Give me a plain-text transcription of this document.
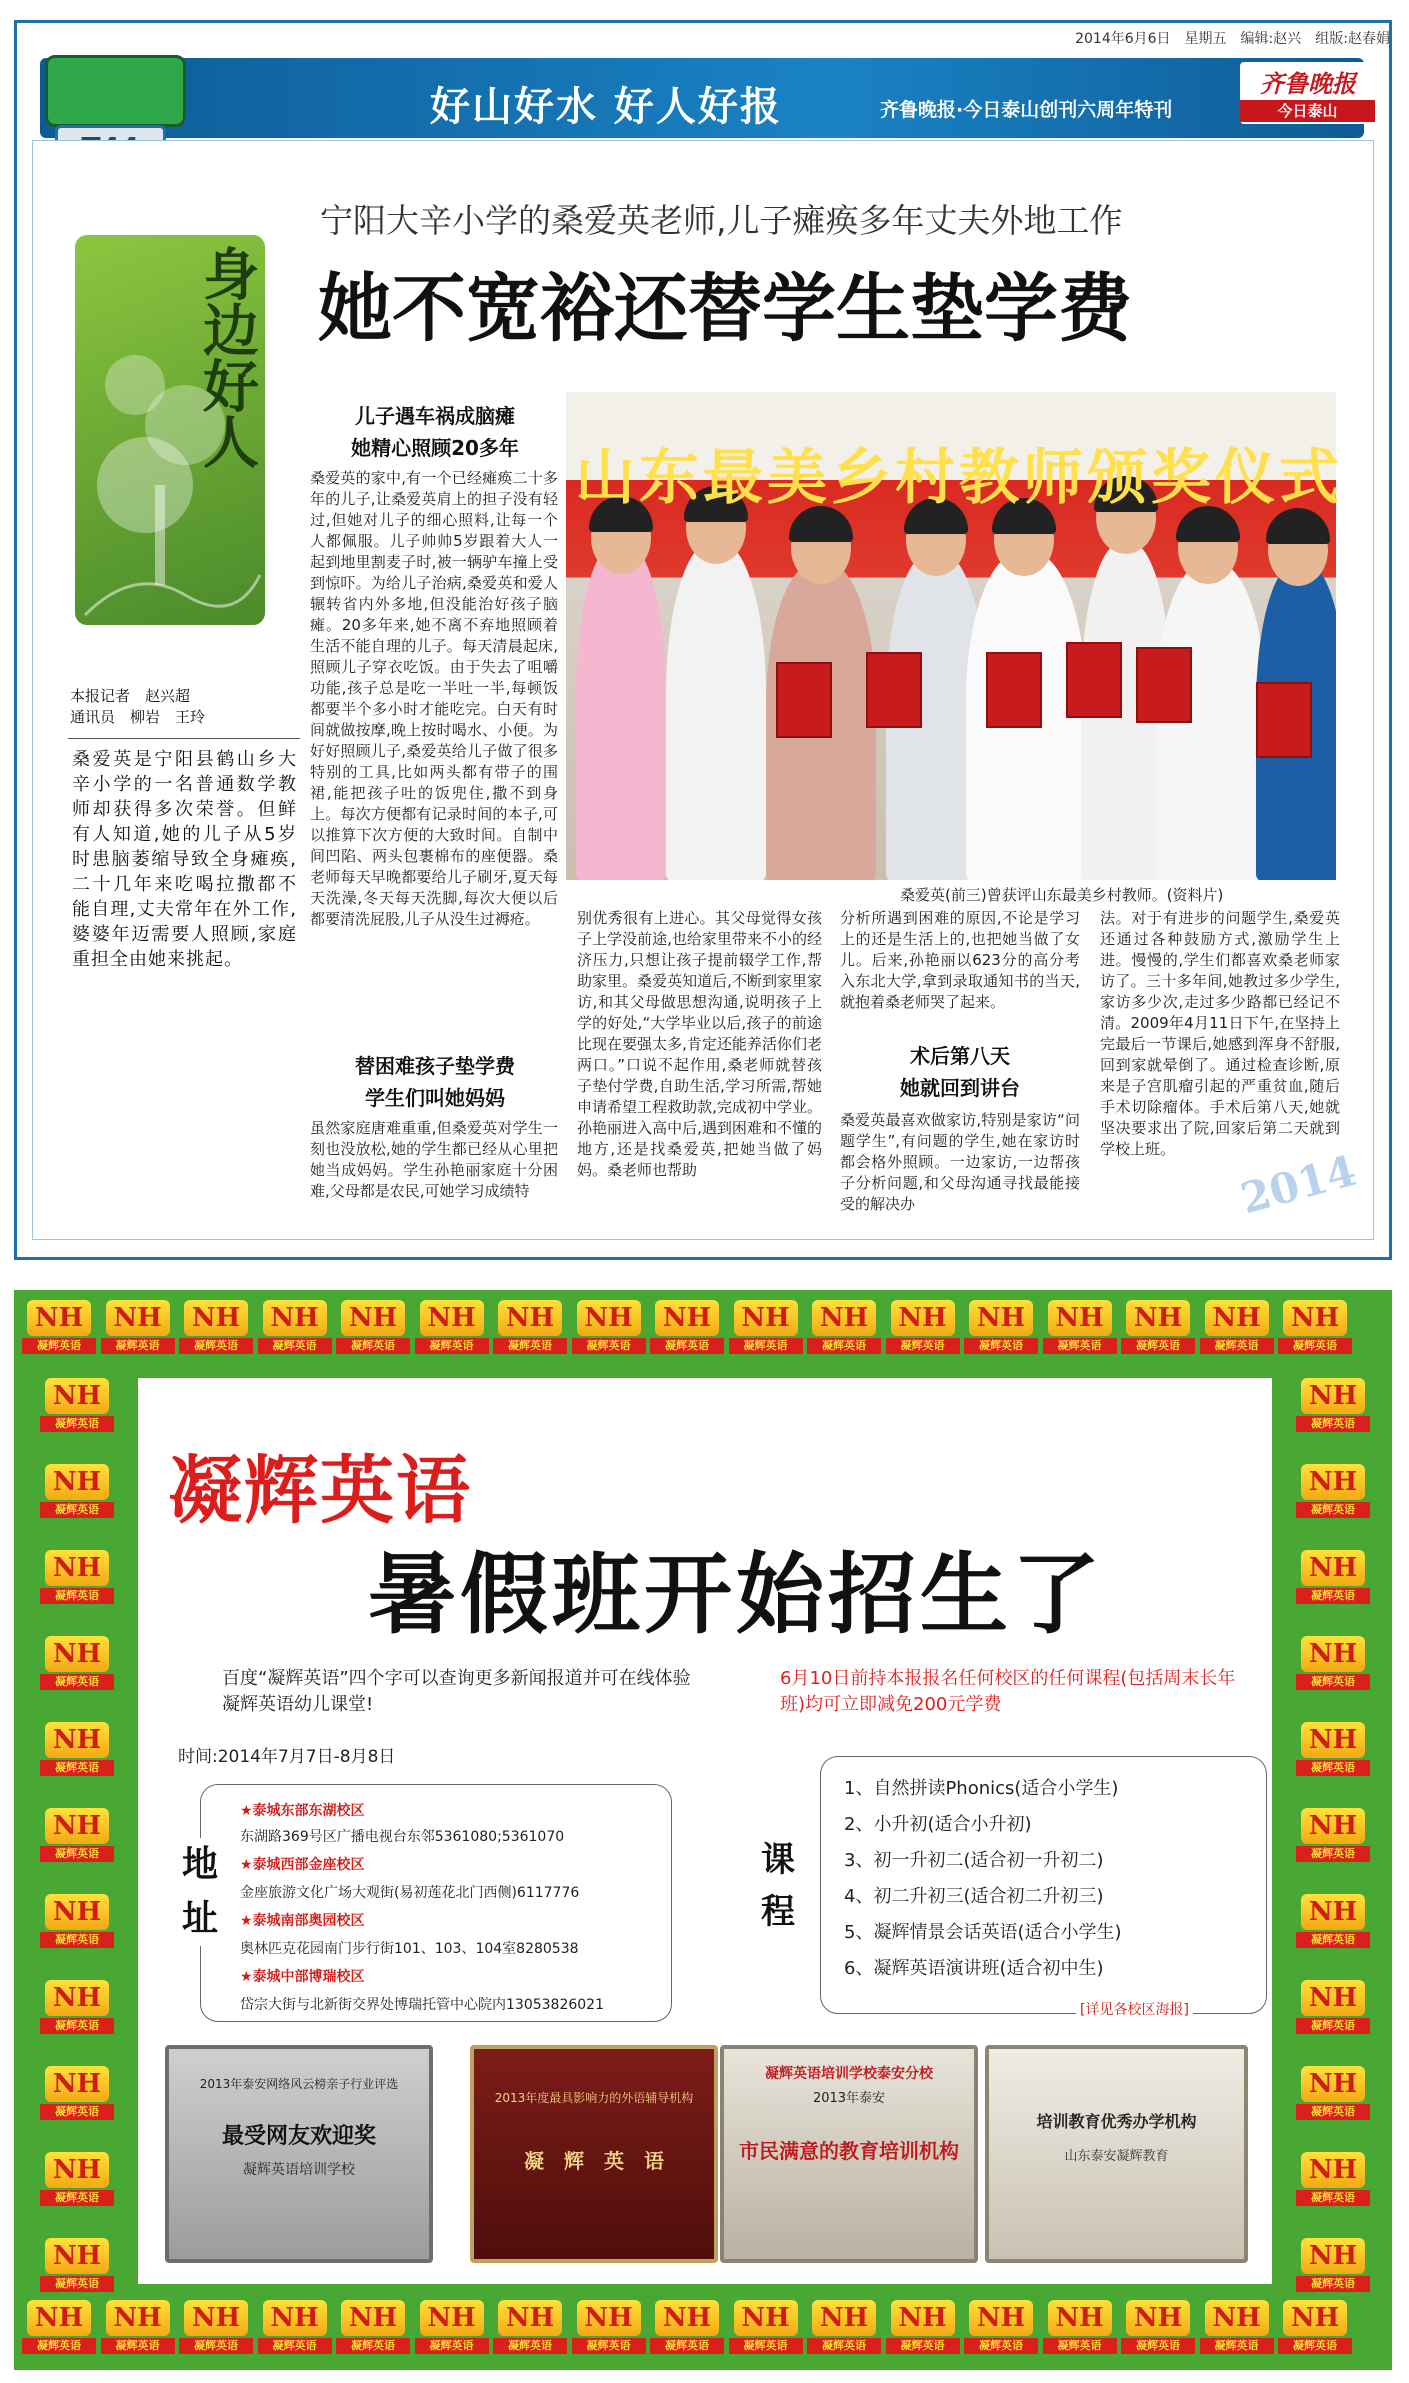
2014年6月6日　星期五　编辑:赵兴　组版:赵春娟
好山好水 好人好报	齐鲁晚报·今日泰山创刊六周年特刊
齐鲁晚报
今日泰山
身边好人
宁阳大辛小学的桑爱英老师,儿子瘫痪多年丈夫外地工作
她不宽裕还替学生垫学费
山东最美乡村教师颁奖仪式
桑爱英(前三)曾获评山东最美乡村教师。(资料片)
本报记者　赵兴超
通讯员　柳岩　王玲
桑爱英是宁阳县鹤山乡大辛小学的一名普通数学教师却获得多次荣誉。但鲜有人知道,她的儿子从5岁时患脑萎缩导致全身瘫痪,二十几年来吃喝拉撒都不能自理,丈夫常年在外工作,婆婆年迈需要人照顾,家庭重担全由她来挑起。
儿子遇车祸成脑瘫
她精心照顾20多年
桑爱英的家中,有一个已经瘫痪二十多年的儿子,让桑爱英肩上的担子没有轻过,但她对儿子的细心照料,让每一个人都佩服。儿子帅帅5岁跟着大人一起到地里割麦子时,被一辆驴车撞上受到惊吓。为给儿子治病,桑爱英和爱人辗转省内外多地,但没能治好孩子脑瘫。20多年来,她不离不弃地照顾着生活不能自理的儿子。每天清晨起床,照顾儿子穿衣吃饭。由于失去了咀嚼功能,孩子总是吃一半吐一半,每顿饭都要半个多小时才能吃完。白天有时间就做按摩,晚上按时喝水、小便。为好好照顾儿子,桑爱英给儿子做了很多特别的工具,比如两头都有带子的围裙,能把孩子吐的饭兜住,撒不到身上。每次方便都有记录时间的本子,可以推算下次方便的大致时间。自制中间凹陷、两头包裹棉布的座便器。桑老师每天早晚都要给儿子刷牙,夏天每天洗澡,冬天每天洗脚,每次大便以后都要清洗屁股,儿子从没生过褥疮。
替困难孩子垫学费
学生们叫她妈妈
虽然家庭唐难重重,但桑爱英对学生一刻也没放松,她的学生都已经从心里把她当成妈妈。学生孙艳丽家庭十分困难,父母都是农民,可她学习成绩特
别优秀很有上进心。其父母觉得女孩子上学没前途,也给家里带来不小的经济压力,只想让孩子提前辍学工作,帮助家里。桑爱英知道后,不断到家里家访,和其父母做思想沟通,说明孩子上学的好处,“大学毕业以后,孩子的前途比现在要强太多,肯定还能养活你们老两口。”口说不起作用,桑老师就替孩子垫付学费,自助生活,学习所需,帮她申请希望工程救助款,完成初中学业。孙艳丽进入高中后,遇到困难和不懂的地方,还是找桑爱英,把她当做了妈妈。桑老师也帮助
分析所遇到困难的原因,不论是学习上的还是生活上的,也把她当做了女儿。后来,孙艳丽以623分的高分考入东北大学,拿到录取通知书的当天,就抱着桑老师哭了起来。
术后第八天
她就回到讲台
桑爱英最喜欢做家访,特别是家访“问题学生”,有问题的学生,她在家访时都会格外照顾。一边家访,一边帮孩子分析问题,和父母沟通寻找最能接受的解决办
法。对于有进步的问题学生,桑爱英还通过各种鼓励方式,激励学生上进。慢慢的,学生们都喜欢桑老师家访了。三十多年间,她教过多少学生,家访多少次,走过多少路都已经记不清。2009年4月11日下午,在坚持上完最后一节课后,她感到浑身不舒服,回到家就晕倒了。通过检查诊断,原来是子宫肌瘤引起的严重贫血,随后手术切除瘤体。手术后第八天,她就坚决要求出了院,回家后第二天就到学校上班。	2014
NH
凝辉英语
NH
凝辉英语
NH
凝辉英语
NH
凝辉英语
NH
凝辉英语
NH
凝辉英语
NH
凝辉英语
NH
凝辉英语
NH
凝辉英语
NH
凝辉英语
NH
凝辉英语
NH
凝辉英语
NH
凝辉英语
NH
凝辉英语
NH
凝辉英语
NH
凝辉英语
NH
凝辉英语
NH
凝辉英语
NH
凝辉英语
NH
凝辉英语
NH
凝辉英语
NH
凝辉英语
NH
凝辉英语
NH
凝辉英语
NH
凝辉英语
NH
凝辉英语
NH
凝辉英语
NH
凝辉英语
NH
凝辉英语
NH
凝辉英语
NH
凝辉英语
NH
凝辉英语
NH
凝辉英语
NH
凝辉英语
NH
凝辉英语
NH
凝辉英语
NH
凝辉英语
NH
凝辉英语
NH
凝辉英语
NH
凝辉英语
NH
凝辉英语
NH
凝辉英语
NH
凝辉英语
NH
凝辉英语
NH
凝辉英语
NH
凝辉英语
NH
凝辉英语
NH
凝辉英语
NH
凝辉英语
NH
凝辉英语
NH
凝辉英语
NH
凝辉英语
NH
凝辉英语
NH
凝辉英语
NH
凝辉英语
NH
凝辉英语
凝辉英语
暑假班开始招生了
百度“凝辉英语”四个字可以查询更多新闻报道并可在线体验凝辉英语幼儿课堂!
6月10日前持本报报名任何校区的任何课程(包括周末长年班)均可立即减免200元学费
时间:2014年7月7日-8月8日
地址
★泰城东部东湖校区
东湖路369号区广播电视台东邻5361080;5361070
★泰城西部金座校区
金座旅游文化广场大观街(易初莲花北门西侧)6117776
★泰城南部奥园校区
奥林匹克花园南门步行街101、103、104室8280538
★泰城中部博瑞校区
岱宗大街与北新街交界处博瑞托管中心院内13053826021
课程
1、自然拼读Phonics(适合小学生)
2、小升初(适合小升初)
3、初一升初二(适合初一升初二)
4、初二升初三(适合初二升初三)
5、凝辉情景会话英语(适合小学生)
6、凝辉英语演讲班(适合初中生)
[详见各校区海报]
2013年泰安网络风云榜亲子行业评选
最受网友欢迎奖
凝辉英语培训学校
2013年度最具影响力的外语辅导机构
凝　辉　英　语
凝辉英语培训学校泰安分校
2013年泰安
市民满意的教育培训机构
培训教育优秀办学机构
山东泰安凝辉教育
